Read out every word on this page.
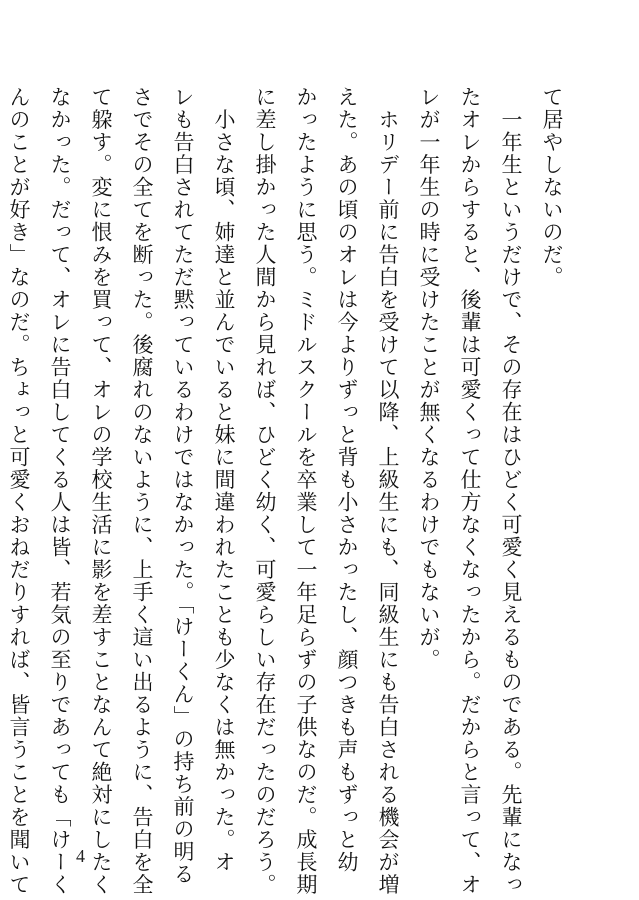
て居やしないのだ。
　一年生というだけで、その存在はひどく可愛く見えるものである。先輩になっ
たオレからすると、後輩は可愛くって仕方なくなったから。だからと言って、オ
レが一年生の時に受けたことが無くなるわけでもないが。
　ホリデー前に告白を受けて以降、上級生にも、同級生にも告白される機会が増
えた。あの頃のオレは今よりずっと背も小さかったし、顔つきも声もずっと幼
かったように思う。ミドルスクールを卒業して一年足らずの子供なのだ。成長期
に差し掛かった人間から見れば、ひどく幼く、可愛らしい存在だったのだろう。
　小さな頃、姉達と並んでいると妹に間違われたことも少なくは無かった。オ
レも告白されてただ黙っているわけではなかった。「けーくん」の持ち前の明る
さでその全てを断った。後腐れのないように、上手く這い出るように、告白を全
て躱す。変に恨みを買って、オレの学校生活に影を差すことなんて絶対にしたく
なかった。だって、オレに告白してくる人は皆、若気の至りであっても「けーく
んのことが好き」なのだ。ちょっと可愛くおねだりすれば、皆言うことを聞いて	4
